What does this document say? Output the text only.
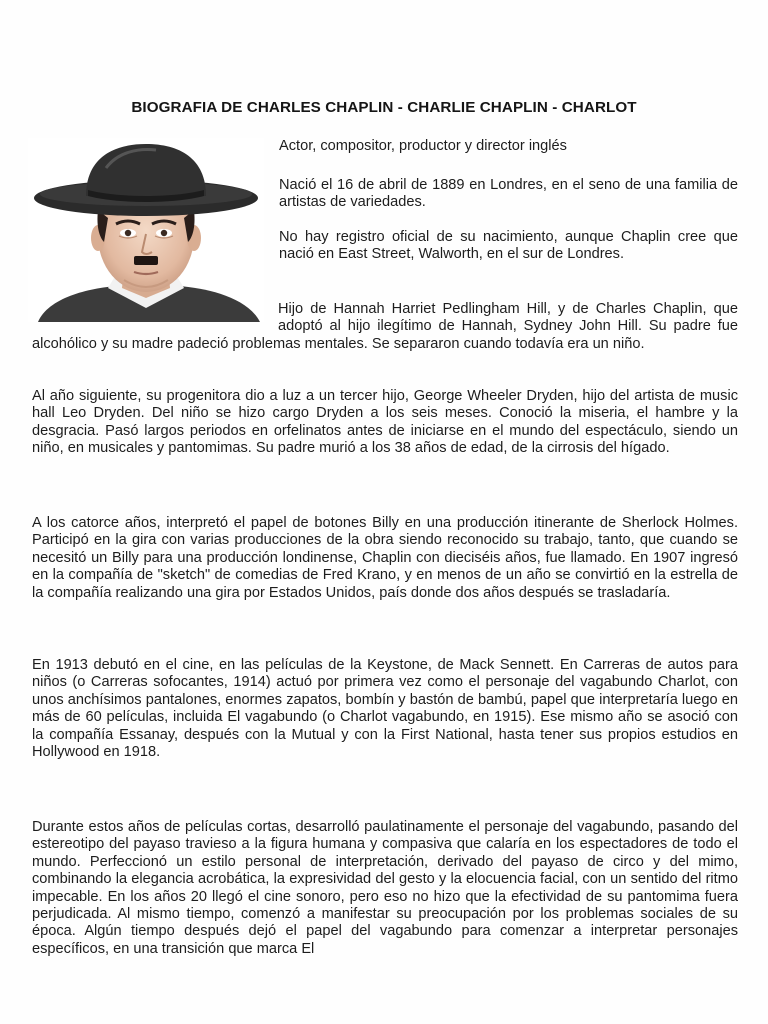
BIOGRAFIA DE CHARLES CHAPLIN - CHARLIE CHAPLIN - CHARLOT

Actor, compositor, productor y director inglés

Nació el 16 de abril de 1889 en Londres, en el seno de una familia de artistas de variedades.

No hay registro oficial de su nacimiento, aunque Chaplin cree que nació en East Street, Walworth, en el sur de Londres.

Hijo de Hannah Harriet Pedlingham Hill, y de Charles Chaplin, que adoptó al hijo ilegítimo de Hannah, Sydney John Hill. Su padre fue alcohólico y su madre padeció problemas mentales. Se separaron cuando todavía era un niño.

Al año siguiente, su progenitora dio a luz a un tercer hijo, George Wheeler Dryden, hijo del artista de music hall Leo Dryden. Del niño se hizo cargo Dryden a los seis meses. Conoció la miseria, el hambre y la desgracia. Pasó largos periodos en orfelinatos antes de iniciarse en el mundo del espectáculo, siendo un niño, en musicales y pantomimas. Su padre murió a los 38 años de edad, de la cirrosis del hígado.

A los catorce años, interpretó el papel de botones Billy en una producción itinerante de Sherlock Holmes. Participó en la gira con varias producciones de la obra siendo reconocido su trabajo, tanto, que cuando se necesitó un Billy para una producción londinense, Chaplin con dieciséis años, fue llamado. En 1907 ingresó en la compañía de "sketch" de comedias de Fred Krano, y en menos de un año se convirtió en la estrella de la compañía realizando una gira por Estados Unidos, país donde dos años después se trasladaría.

En 1913 debutó en el cine, en las películas de la Keystone, de Mack Sennett. En Carreras de autos para niños (o Carreras sofocantes, 1914) actuó por primera vez como el personaje del vagabundo Charlot, con unos anchísimos pantalones, enormes zapatos, bombín y bastón de bambú, papel que interpretaría luego en más de 60 películas, incluida El vagabundo (o Charlot vagabundo, en 1915). Ese mismo año se asoció con la compañía Essanay, después con la Mutual y con la First National, hasta tener sus propios estudios en Hollywood en 1918.

Durante estos años de películas cortas, desarrolló paulatinamente el personaje del vagabundo, pasando del estereotipo del payaso travieso a la figura humana y compasiva que calaría en los espectadores de todo el mundo. Perfeccionó un estilo personal de interpretación, derivado del payaso de circo y del mimo, combinando la elegancia acrobática, la expresividad del gesto y la elocuencia facial, con un sentido del ritmo impecable. En los años 20 llegó el cine sonoro, pero eso no hizo que la efectividad de su pantomima fuera perjudicada. Al mismo tiempo, comenzó a manifestar su preocupación por los problemas sociales de su época. Algún tiempo después dejó el papel del vagabundo para comenzar a interpretar personajes específicos, en una transición que marca El
